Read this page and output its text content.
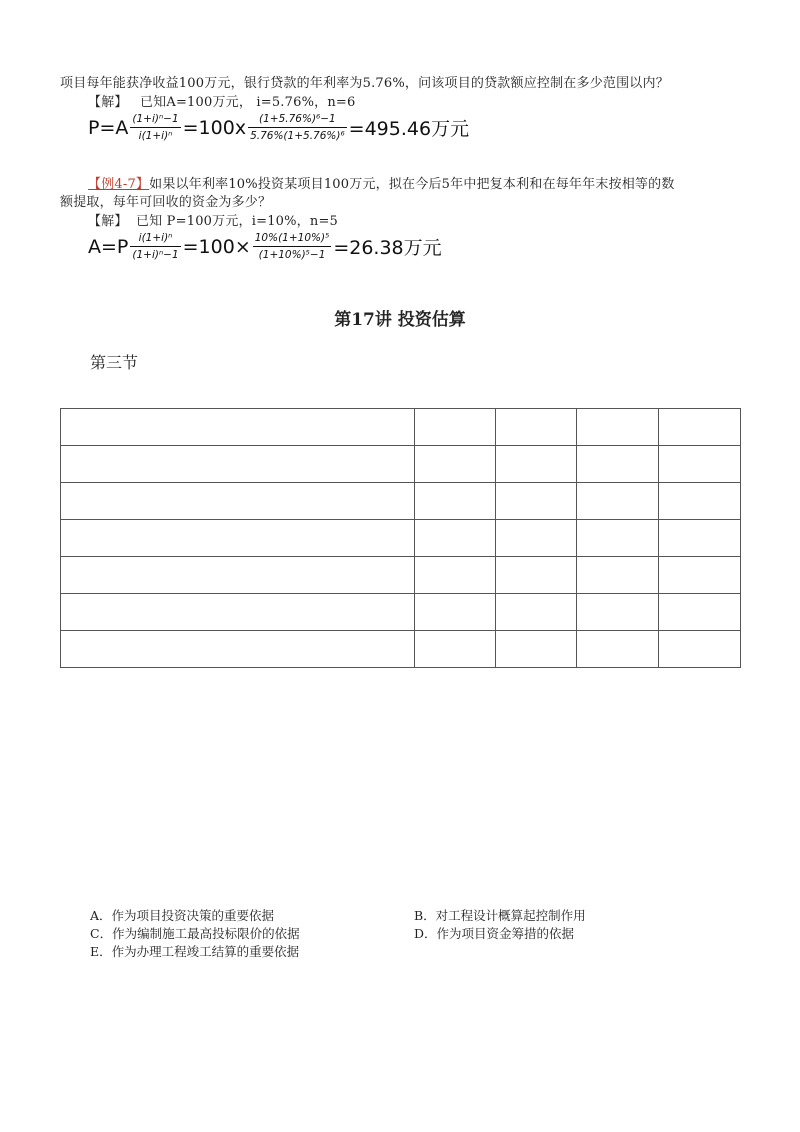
项目每年能获净收益100万元，银行贷款的年利率为5.76%，问该项目的贷款额应控制在多少范围以内？
【解】 已知A=100万元， i=5.76%，n=6
$P=A \frac{\text{(1+i)ⁿ−1}}{\text{i(1+i)ⁿ}} =100x \frac{\text{(1+5.76\%)⁶−1}}{\text{5.76\%(1+5.76\%)⁶}} =495.46$万元
【例4-7】如果以年利率10%投资某项目100万元，拟在今后5年中把复本利和在每年年末按相等的数
额提取，每年可回收的资金为多少？
【解】 已知 P=100万元，i=10%，n=5
$A=P \frac{\text{i(1+i)ⁿ}}{\text{(1+i)ⁿ−1}} =100\times \frac{\text{10\%(1+10\%)⁵}}{\text{(1+10\%)⁵−1}} =26.38$万元
第17讲 投资估算
第三节

A．作为项目投资决策的重要依据	B．对工程设计概算起控制作用
C．作为编制施工最高投标限价的依据	D．作为项目资金筹措的依据
E．作为办理工程竣工结算的重要依据
